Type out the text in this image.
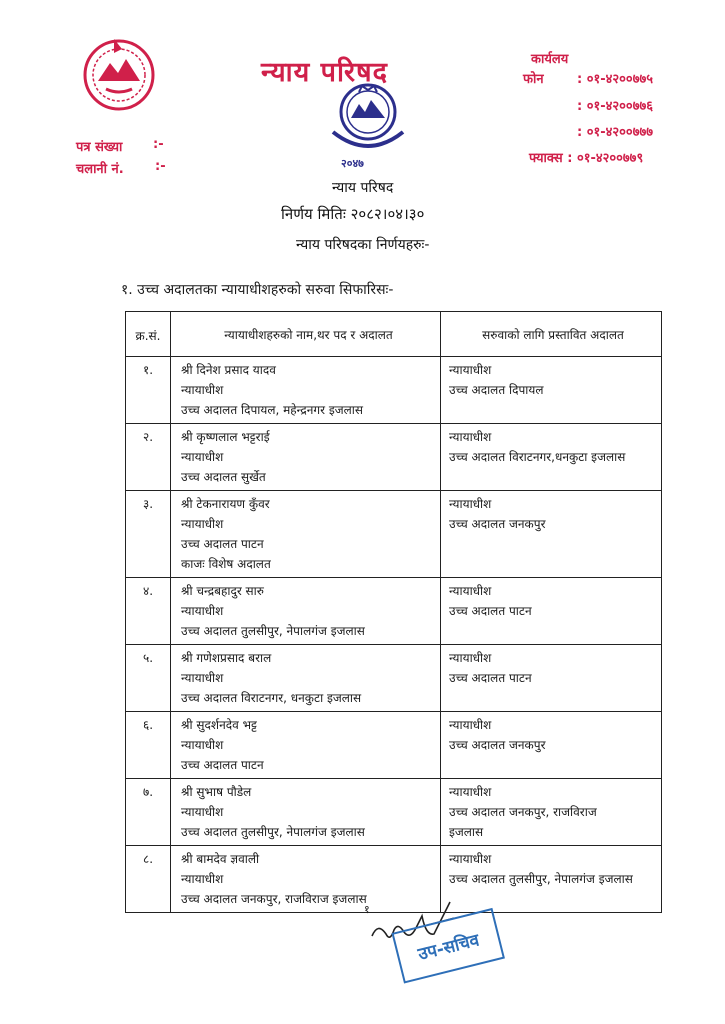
न्याय परिषद
२०४७
कार्यलय
फोन	: ०१-४२००७७५
: ०१-४२००७७६
: ०१-४२००७७७
फ्याक्स : ०१-४२००७७९
पत्र संख्या :-
चलानी नं. :-
न्याय परिषद
निर्णय मितिः २०८२।०४।३०
न्याय परिषदका निर्णयहरुः-
१. उच्च अदालतका न्यायाधीशहरुको सरुवा सिफारिसः-
क्र.सं.	न्यायाधीशहरुको नाम,थर पद र अदालत	सरुवाको लागि प्रस्तावित अदालत
१.	श्री दिनेश प्रसाद यादव
न्यायाधीश
उच्च अदालत दिपायल, महेन्द्रनगर इजलास	न्यायाधीश
उच्च अदालत दिपायल

२.	श्री कृष्णलाल भट्टराई
न्यायाधीश
उच्च अदालत सुर्खेत	न्यायाधीश
उच्च अदालत विराटनगर,धनकुटा इजलास

३.	श्री टेकनारायण कुँवर
न्यायाधीश
उच्च अदालत पाटन
काजः विशेष अदालत	न्यायाधीश
उच्च अदालत जनकपुर

४.	श्री चन्द्रबहादुर सारु
न्यायाधीश
उच्च अदालत तुलसीपुर, नेपालगंज इजलास	न्यायाधीश
उच्च अदालत पाटन

५.	श्री गणेशप्रसाद बराल
न्यायाधीश
उच्च अदालत विराटनगर, धनकुटा इजलास	न्यायाधीश
उच्च अदालत पाटन

६.	श्री सुदर्शनदेव भट्ट
न्यायाधीश
उच्च अदालत पाटन	न्यायाधीश
उच्च अदालत जनकपुर

७.	श्री सुभाष पौडेल
न्यायाधीश
उच्च अदालत तुलसीपुर, नेपालगंज इजलास	न्यायाधीश
उच्च अदालत जनकपुर, राजविराज
इजलास

८.	श्री बामदेव ज्ञवाली
न्यायाधीश
उच्च अदालत जनकपुर, राजविराज इजलास	न्यायाधीश
उच्च अदालत तुलसीपुर, नेपालगंज इजलास
१
उप-सचिव
